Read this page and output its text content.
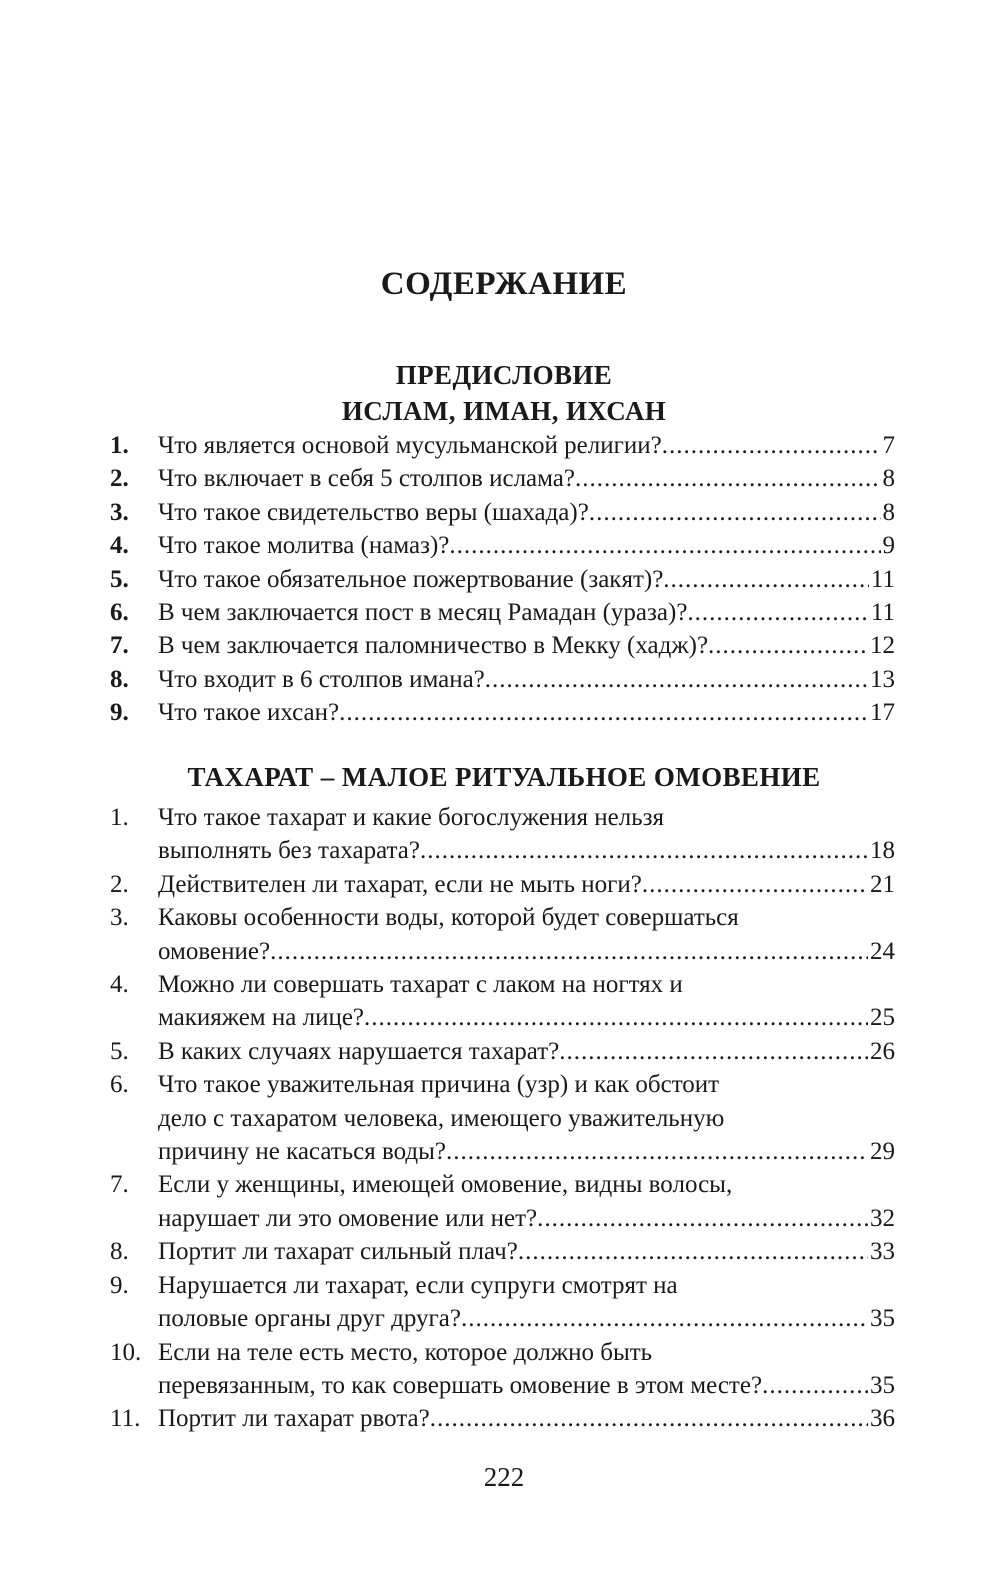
СОДЕРЖАНИЕ
ПРЕДИСЛОВИЕ
ИСЛАМ, ИМАН, ИХСАН
1.	Что является основой мусульманской религии? .....	7
2.	Что включает в себя 5 столпов ислама? .....	8
3.	Что такое свидетельство веры (шахада)? .....	8
4.	Что такое молитва (намаз)? .....	9
5.	Что такое обязательное пожертвование (закят)? .....	11
6.	В чем заключается пост в месяц Рамадан (ураза)? .....	11
7.	В чем заключается паломничество в Мекку (хадж)? .....	12
8.	Что входит в 6 столпов имана? .....	13
9.	Что такое ихсан? .....	17
ТАХАРАТ – МАЛОЕ РИТУАЛЬНОЕ ОМОВЕНИЕ
1.	Что такое тахарат и какие богослужения нельзя
выполнять без тахарата? .....	18
2.	Действителен ли тахарат, если не мыть ноги? .....	21
3.	Каковы особенности воды, которой будет совершаться
омовение? .....	24
4.	Можно ли совершать тахарат с лаком на ногтях и
макияжем на лице? .....	25
5.	В каких случаях нарушается тахарат? .....	26
6.	Что такое уважительная причина (узр) и как обстоит
дело с тахаратом человека, имеющего уважительную
причину не касаться воды? .....	29
7.	Если у женщины, имеющей омовение, видны волосы,
нарушает ли это омовение или нет? .....	32
8.	Портит ли тахарат сильный плач? .....	33
9.	Нарушается ли тахарат, если супруги смотрят на
половые органы друг друга? .....	35
10. Если на теле есть место, которое должно быть
перевязанным, то как совершать омовение в этом месте? .....	35
11. Портит ли тахарат рвота? .....	36
222
